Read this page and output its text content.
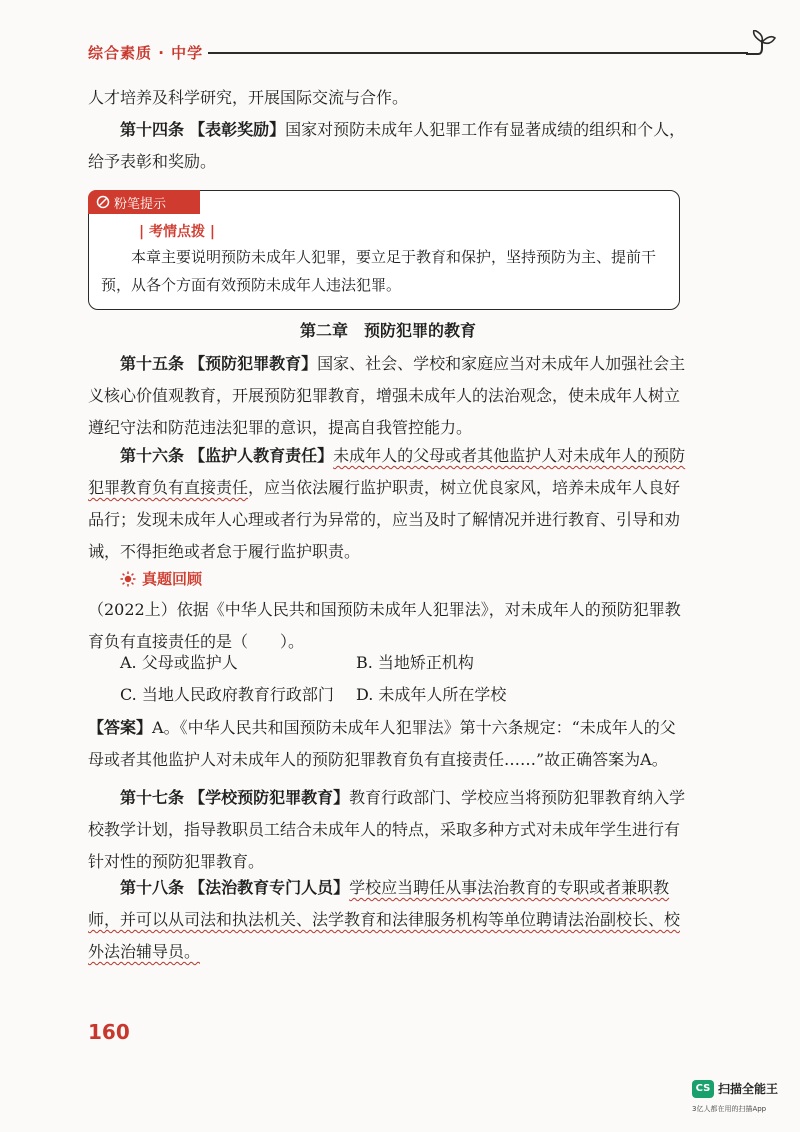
综合素质 · 中学

人才培养及科学研究，开展国际交流与合作。

第十四条 【表彰奖励】国家对预防未成年人犯罪工作有显著成绩的组织和个人，给予表彰和奖励。

粉笔提示
| 考情点拨 |

本章主要说明预防未成年人犯罪，要立足于教育和保护，坚持预防为主、提前干预，从各个方面有效预防未成年人违法犯罪。

第二章　预防犯罪的教育

第十五条 【预防犯罪教育】国家、社会、学校和家庭应当对未成年人加强社会主义核心价值观教育，开展预防犯罪教育，增强未成年人的法治观念，使未成年人树立遵纪守法和防范违法犯罪的意识，提高自我管控能力。

第十六条 【监护人教育责任】未成年人的父母或者其他监护人对未成年人的预防犯罪教育负有直接责任，应当依法履行监护职责，树立优良家风，培养未成年人良好品行；发现未成年人心理或者行为异常的，应当及时了解情况并进行教育、引导和劝诫，不得拒绝或者怠于履行监护职责。

真题回顾

（2022上）依据《中华人民共和国预防未成年人犯罪法》，对未成年人的预防犯罪教育负有直接责任的是（　　）。

A. 父母或监护人	B. 当地矫正机构
C. 当地人民政府教育行政部门 D. 未成年人所在学校

【答案】A。《中华人民共和国预防未成年人犯罪法》第十六条规定：“未成年人的父母或者其他监护人对未成年人的预防犯罪教育负有直接责任……”故正确答案为A。

第十七条 【学校预防犯罪教育】教育行政部门、学校应当将预防犯罪教育纳入学校教学计划，指导教职员工结合未成年人的特点，采取多种方式对未成年学生进行有针对性的预防犯罪教育。

第十八条 【法治教育专门人员】学校应当聘任从事法治教育的专职或者兼职教师，并可以从司法和执法机关、法学教育和法律服务机构等单位聘请法治副校长、校外法治辅导员。

160
CS 扫描全能王
3亿人都在用的扫描App
